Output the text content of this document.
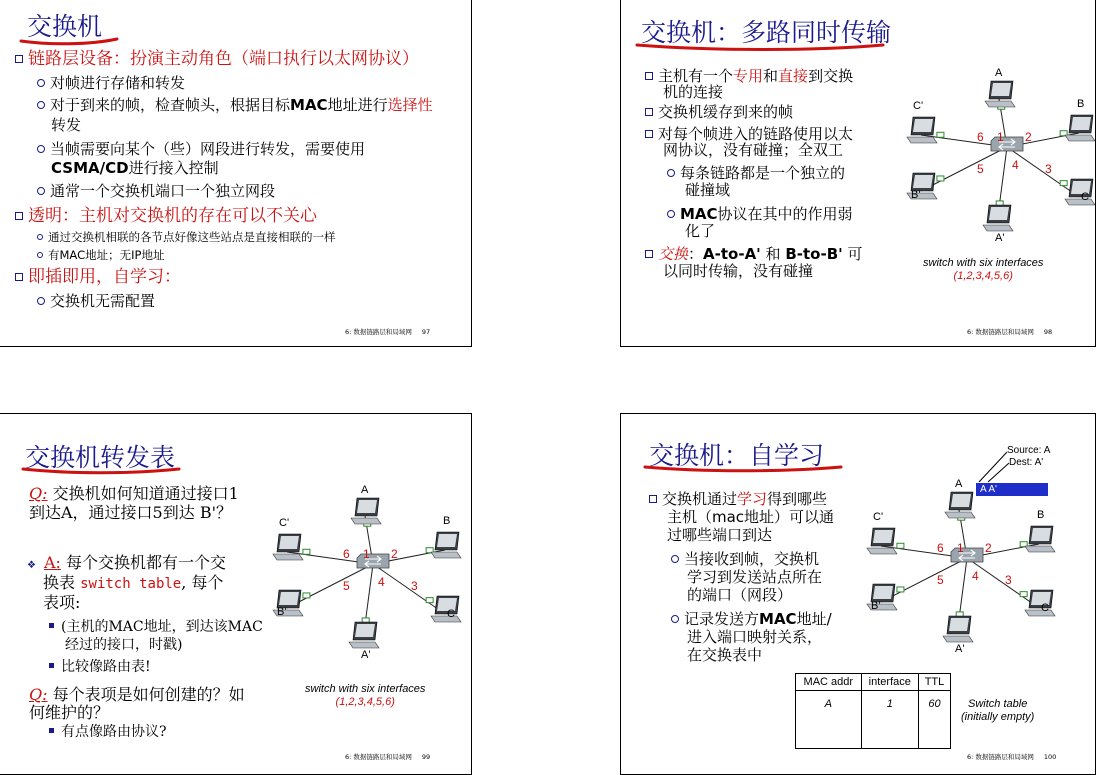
交换机
链路层设备：扮演主动角色（端口执行以太网协议）
对帧进行存储和转发
对于到来的帧，检查帧头，根据目标MAC地址进行选择性
转发
当帧需要向某个（些）网段进行转发，需要使用
CSMA/CD进行接入控制
通常一个交换机端口一个独立网段
透明：主机对交换机的存在可以不关心
通过交换机相联的各节点好像这些站点是直接相联的一样
有MAC地址；无IP地址
即插即用，自学习：
交换机无需配置
6: 数据链路层和局域网 97
交换机：多路同时传输
主机有一个专用和直接到交换
机的连接
交换机缓存到来的帧
对每个帧进入的链路使用以太
网协议，没有碰撞；全双工
每条链路都是一个独立的
碰撞域
MAC协议在其中的作用弱
化了
交换：A-to-A' 和 B-to-B' 可
以同时传输，没有碰撞
A
B
C'
C
B'
A'
1 2
3
4
5
6
switch with six interfaces
(1,2,3,4,5,6)
6: 数据链路层和局域网 98
交换机转发表
Q: 交换机如何知道通过接口1
到达A，通过接口5到达 B'？
❖ A: 每个交换机都有一个交
换表 switch table, 每个
表项:
(主机的MAC地址，到达该MAC
经过的接口，时戳)
比较像路由表!
Q: 每个表项是如何创建的？如
何维护的？
有点像路由协议?
A
B
C'
C
B'
A'
1 2
3
4
5
6
switch with six interfaces
(1,2,3,4,5,6)
6: 数据链路层和局域网 99
交换机：自学习
交换机通过学习得到哪些
主机（mac地址）可以通
过哪些端口到达
当接收到帧，交换机
学习到发送站点所在
的端口（网段）
记录发送方MAC地址/
进入端口映射关系，
在交换表中
A
B
C'
C
B'
A'
1 2
3
4
5
6
Source: A
Dest: A'
A A'
MAC addr	interface	TTL
A	1	60	Switch table
(initially empty)
6: 数据链路层和局域网 100
